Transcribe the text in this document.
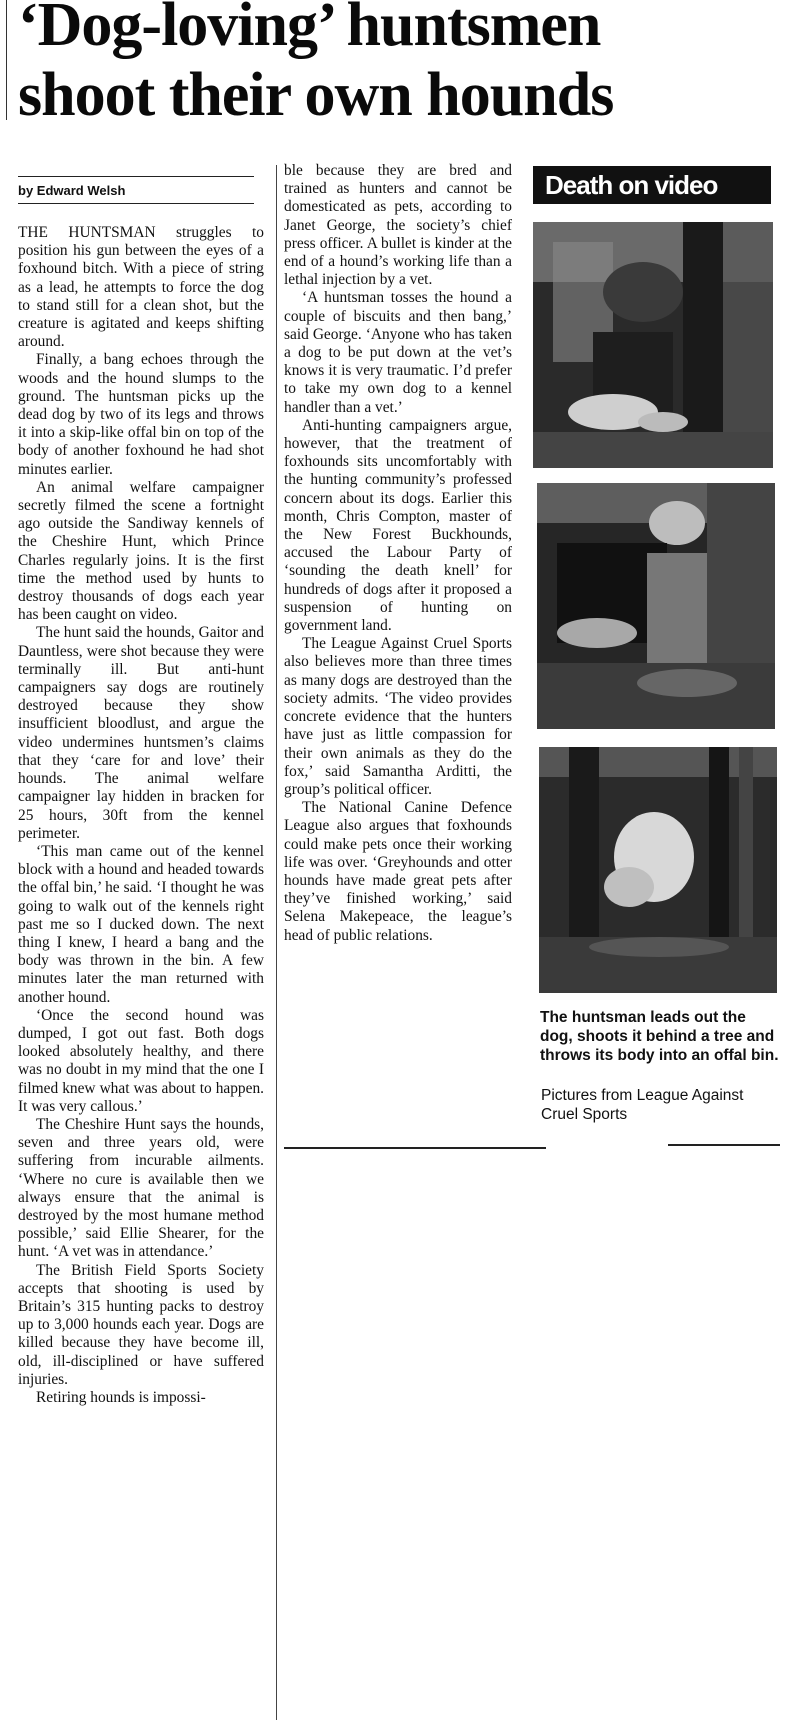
‘Dog-loving’ huntsmen
shoot their own hounds
by Edward Welsh

THE HUNTSMAN struggles to position his gun between the eyes of a foxhound bitch. With a piece of string as a lead, he attempts to force the dog to stand still for a clean shot, but the creature is agitated and keeps shifting around.

Finally, a bang echoes through the woods and the hound slumps to the ground. The huntsman picks up the dead dog by two of its legs and throws it into a skip-like offal bin on top of the body of another foxhound he had shot minutes earlier.

An animal welfare campaigner secretly filmed the scene a fortnight ago outside the Sandiway kennels of the Cheshire Hunt, which Prince Charles regularly joins. It is the first time the method used by hunts to destroy thousands of dogs each year has been caught on video.

The hunt said the hounds, Gaitor and Dauntless, were shot because they were terminally ill. But anti-hunt campaigners say dogs are routinely destroyed because they show insufficient bloodlust, and argue the video undermines huntsmen’s claims that they ‘care for and love’ their hounds. The animal welfare campaigner lay hidden in bracken for 25 hours, 30ft from the kennel perimeter.

‘This man came out of the kennel block with a hound and headed towards the offal bin,’ he said. ‘I thought he was going to walk out of the kennels right past me so I ducked down. The next thing I knew, I heard a bang and the body was thrown in the bin. A few minutes later the man returned with another hound.

‘Once the second hound was dumped, I got out fast. Both dogs looked absolutely healthy, and there was no doubt in my mind that the one I filmed knew what was about to happen. It was very callous.’

The Cheshire Hunt says the hounds, seven and three years old, were suffering from incurable ailments. ‘Where no cure is available then we always ensure that the animal is destroyed by the most humane method possible,’ said Ellie Shearer, for the hunt. ‘A vet was in attendance.’

The British Field Sports Society accepts that shooting is used by Britain’s 315 hunting packs to destroy up to 3,000 hounds each year. Dogs are killed because they have become ill, old, ill-disciplined or have suffered injuries.

Retiring hounds is impossi-

ble because they are bred and trained as hunters and cannot be domesticated as pets, according to Janet George, the society’s chief press officer. A bullet is kinder at the end of a hound’s working life than a lethal injection by a vet.

‘A huntsman tosses the hound a couple of biscuits and then bang,’ said George. ‘Anyone who has taken a dog to be put down at the vet’s knows it is very traumatic. I’d prefer to take my own dog to a kennel handler than a vet.’

Anti-hunting campaigners argue, however, that the treatment of foxhounds sits uncomfortably with the hunting community’s professed concern about its dogs. Earlier this month, Chris Compton, master of the New Forest Buckhounds, accused the Labour Party of ‘sounding the death knell’ for hundreds of dogs after it proposed a suspension of hunting on government land.

The League Against Cruel Sports also believes more than three times as many dogs are destroyed than the society admits. ‘The video provides concrete evidence that the hunters have just as little compassion for their own animals as they do the fox,’ said Samantha Arditti, the group’s political officer.

The National Canine Defence League also argues that foxhounds could make pets once their working life was over. ‘Greyhounds and otter hounds have made great pets after they’ve finished working,’ said Selena Makepeace, the league’s head of public relations.

Death on video
The huntsman leads out the dog, shoots it behind a tree and throws its body into an offal bin.
Pictures from League Against Cruel Sports
